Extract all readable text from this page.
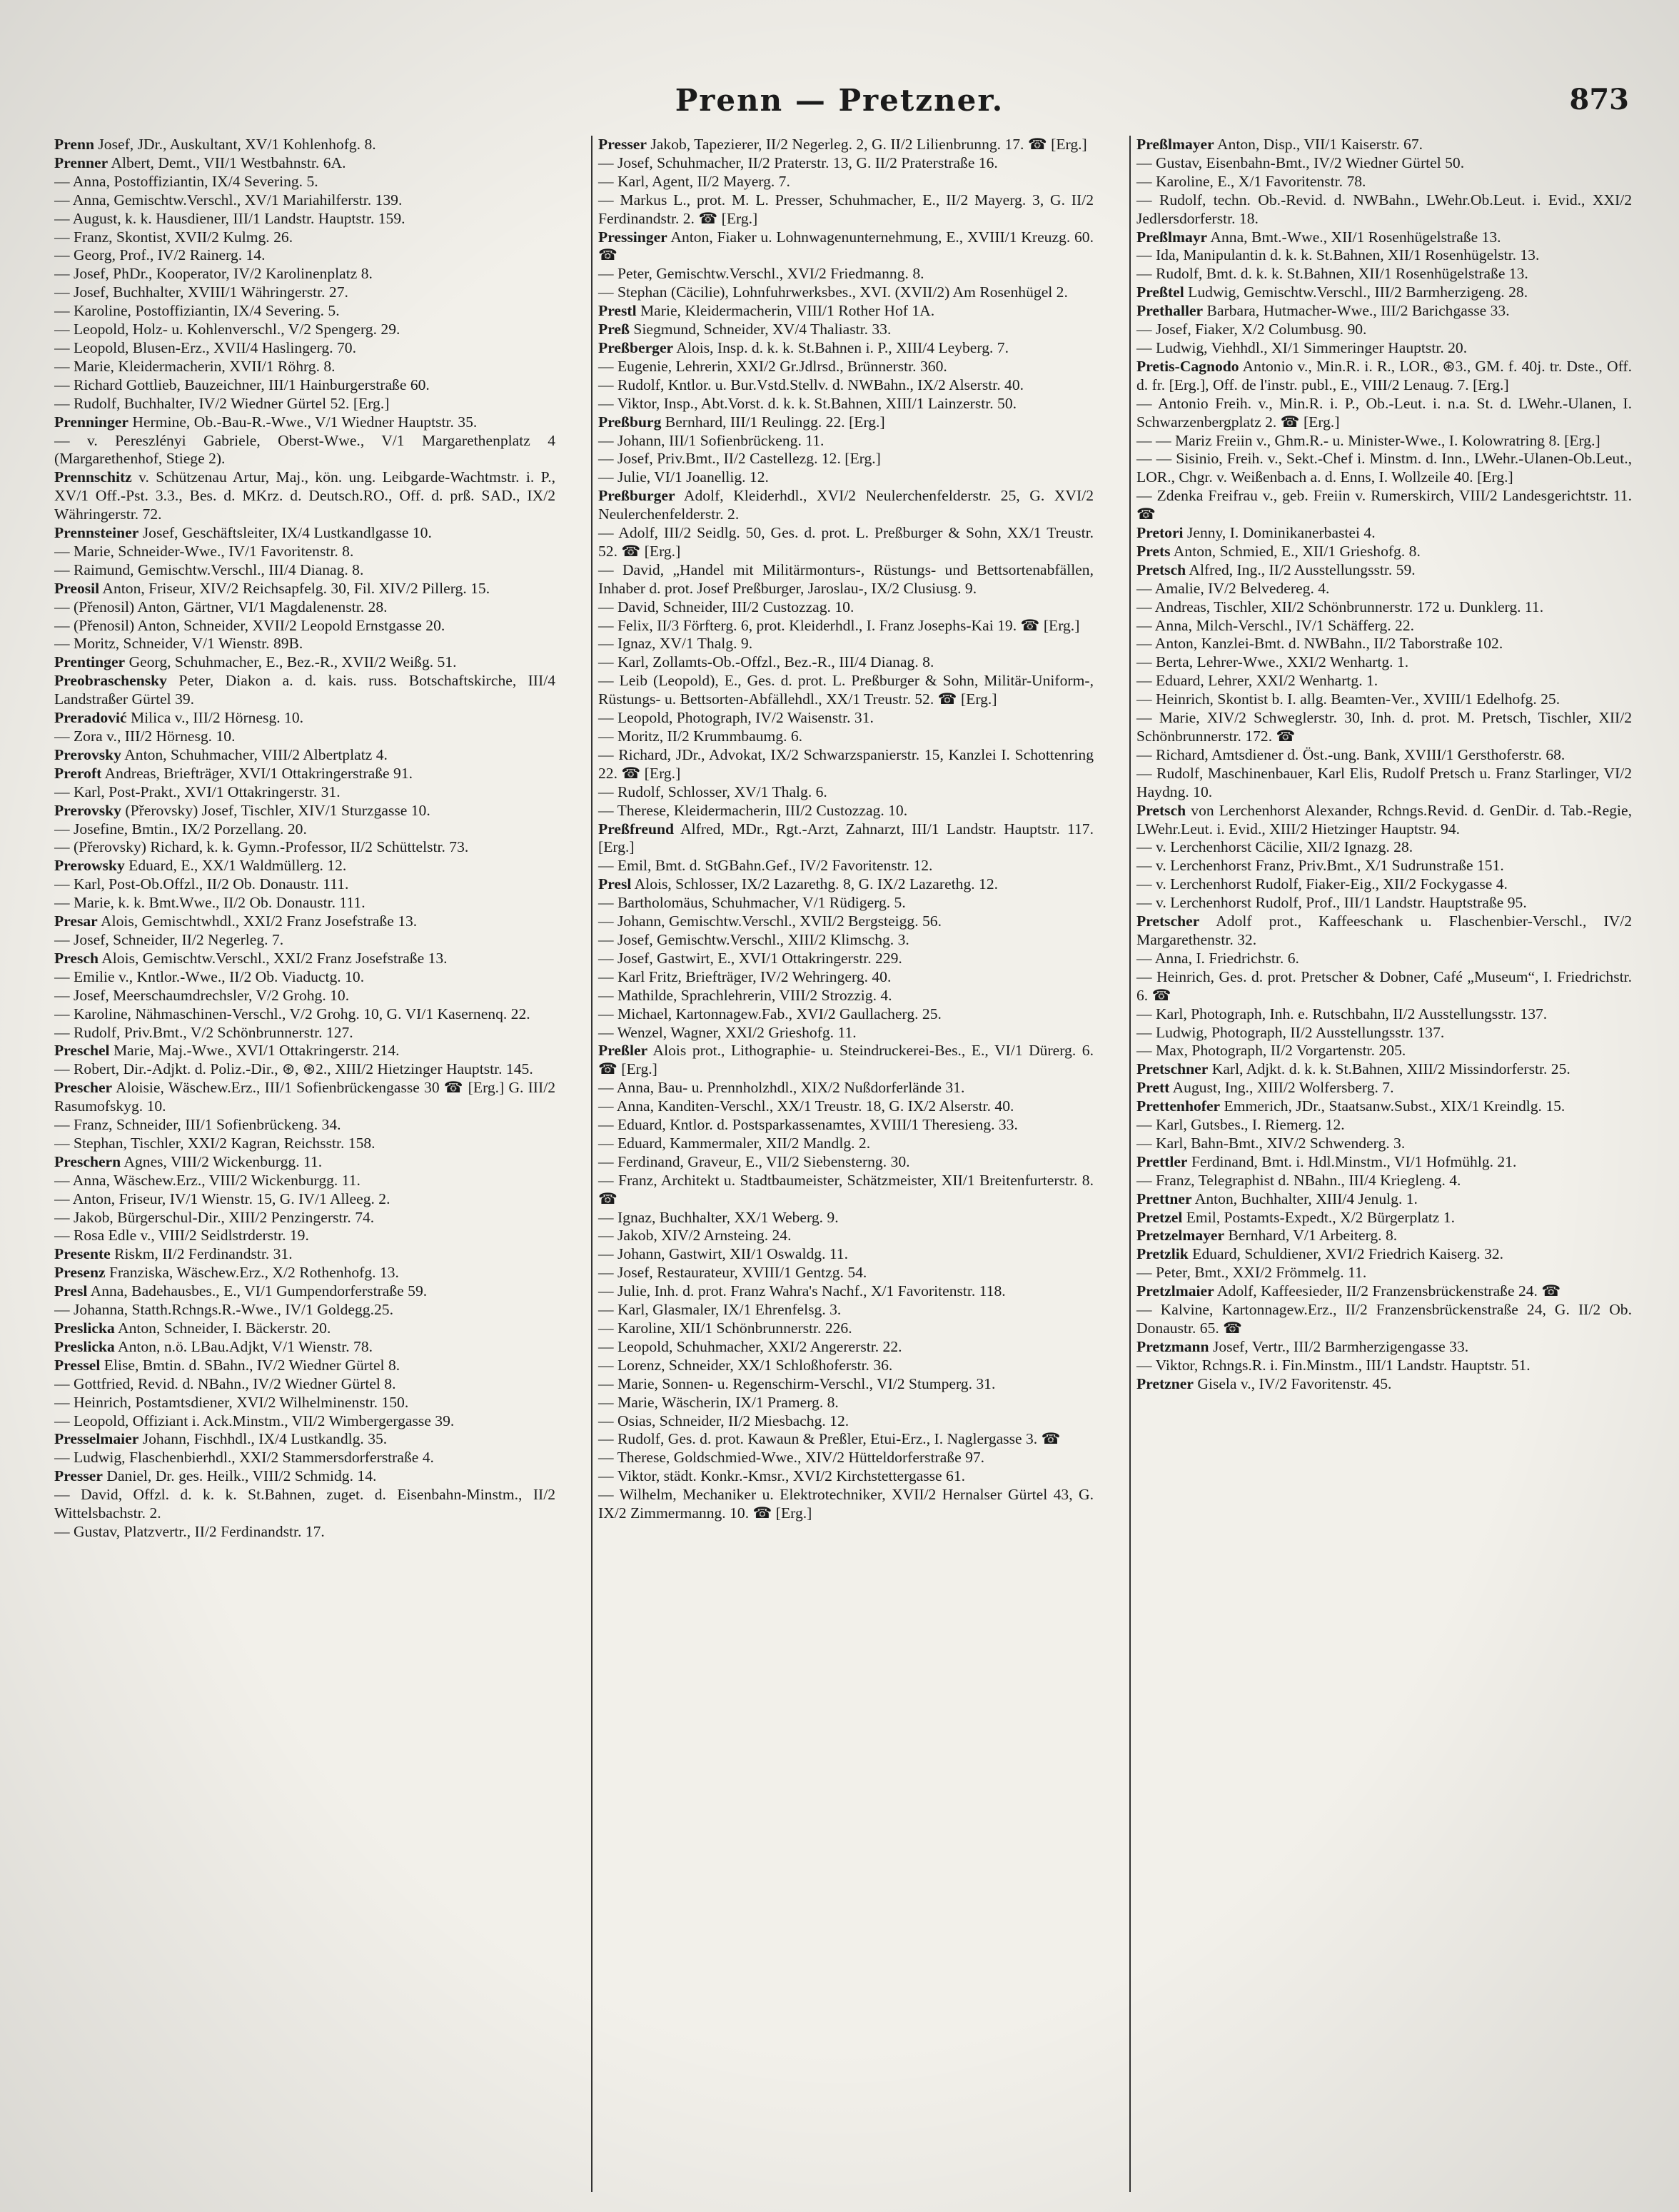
Prenn — Pretzner.	873

Prenn Josef, JDr., Auskultant, XV/1 Kohlenhofg. 8.

Prenner Albert, Demt., VII/1 Westbahnstr. 6A.

— Anna, Postoffiziantin, IX/4 Severing. 5.

— Anna, Gemischtw.Verschl., XV/1 Mariahilferstr. 139.

— August, k. k. Hausdiener, III/1 Landstr. Hauptstr. 159.

— Franz, Skontist, XVII/2 Kulmg. 26.

— Georg, Prof., IV/2 Rainerg. 14.

— Josef, PhDr., Kooperator, IV/2 Karolinenplatz 8.

— Josef, Buchhalter, XVIII/1 Währingerstr. 27.

— Karoline, Postoffiziantin, IX/4 Severing. 5.

— Leopold, Holz- u. Kohlenverschl., V/2 Spengerg. 29.

— Leopold, Blusen-Erz., XVII/4 Haslingerg. 70.

— Marie, Kleidermacherin, XVII/1 Röhrg. 8.

— Richard Gottlieb, Bauzeichner, III/1 Hainburgerstraße 60.

— Rudolf, Buchhalter, IV/2 Wiedner Gürtel 52. [Erg.]

Prenninger Hermine, Ob.-Bau-R.-Wwe., V/1 Wiedner Hauptstr. 35.

— v. Pereszlényi Gabriele, Oberst-Wwe., V/1 Margarethenplatz 4 (Margarethenhof, Stiege 2).

Prennschitz v. Schützenau Artur, Maj., kön. ung. Leibgarde-Wachtmstr. i. P., XV/1 Off.-Pst. 3.3., Bes. d. MKrz. d. Deutsch.RO., Off. d. prß. SAD., IX/2 Währingerstr. 72.

Prennsteiner Josef, Geschäftsleiter, IX/4 Lustkandlgasse 10.

— Marie, Schneider-Wwe., IV/1 Favoritenstr. 8.

— Raimund, Gemischtw.Verschl., III/4 Dianag. 8.

Preosil Anton, Friseur, XIV/2 Reichsapfelg. 30, Fil. XIV/2 Pillerg. 15.

— (Přenosil) Anton, Gärtner, VI/1 Magdalenenstr. 28.

— (Přenosil) Anton, Schneider, XVII/2 Leopold Ernstgasse 20.

— Moritz, Schneider, V/1 Wienstr. 89B.

Prentinger Georg, Schuhmacher, E., Bez.-R., XVII/2 Weißg. 51.

Preobraschensky Peter, Diakon a. d. kais. russ. Botschaftskirche, III/4 Landstraßer Gürtel 39.

Preradović Milica v., III/2 Hörnesg. 10.

— Zora v., III/2 Hörnesg. 10.

Prerovsky Anton, Schuhmacher, VIII/2 Albertplatz 4.

Preroft Andreas, Briefträger, XVI/1 Ottakringerstraße 91.

— Karl, Post-Prakt., XVI/1 Ottakringerstr. 31.

Prerovsky (Přerovsky) Josef, Tischler, XIV/1 Sturzgasse 10.

— Josefine, Bmtin., IX/2 Porzellang. 20.

— (Přerovsky) Richard, k. k. Gymn.-Professor, II/2 Schüttelstr. 73.

Prerowsky Eduard, E., XX/1 Waldmüllerg. 12.

— Karl, Post-Ob.Offzl., II/2 Ob. Donaustr. 111.

— Marie, k. k. Bmt.Wwe., II/2 Ob. Donaustr. 111.

Presar Alois, Gemischtwhdl., XXI/2 Franz Josefstraße 13.

— Josef, Schneider, II/2 Negerleg. 7.

Presch Alois, Gemischtw.Verschl., XXI/2 Franz Josefstraße 13.

— Emilie v., Kntlor.-Wwe., II/2 Ob. Viaductg. 10.

— Josef, Meerschaumdrechsler, V/2 Grohg. 10.

— Karoline, Nähmaschinen-Verschl., V/2 Grohg. 10, G. VI/1 Kasernenq. 22.

— Rudolf, Priv.Bmt., V/2 Schönbrunnerstr. 127.

Preschel Marie, Maj.-Wwe., XVI/1 Ottakringerstr. 214.

— Robert, Dir.-Adjkt. d. Poliz.-Dir., ⊛, ⊛2., XIII/2 Hietzinger Hauptstr. 145.

Prescher Aloisie, Wäschew.Erz., III/1 Sofienbrückengasse 30 ☎ [Erg.] G. III/2 Rasumofskyg. 10.

— Franz, Schneider, III/1 Sofienbrückeng. 34.

— Stephan, Tischler, XXI/2 Kagran, Reichsstr. 158.

Preschern Agnes, VIII/2 Wickenburgg. 11.

— Anna, Wäschew.Erz., VIII/2 Wickenburgg. 11.

— Anton, Friseur, IV/1 Wienstr. 15, G. IV/1 Alleeg. 2.

— Jakob, Bürgerschul-Dir., XIII/2 Penzingerstr. 74.

— Rosa Edle v., VIII/2 Seidlstrderstr. 19.

Presente Riskm, II/2 Ferdinandstr. 31.

Presenz Franziska, Wäschew.Erz., X/2 Rothenhofg. 13.

Presl Anna, Badehausbes., E., VI/1 Gumpendorferstraße 59.

— Johanna, Statth.Rchngs.R.-Wwe., IV/1 Goldegg.25.

Preslicka Anton, Schneider, I. Bäckerstr. 20.

Preslicka Anton, n.ö. LBau.Adjkt, V/1 Wienstr. 78.

Pressel Elise, Bmtin. d. SBahn., IV/2 Wiedner Gürtel 8.

— Gottfried, Revid. d. NBahn., IV/2 Wiedner Gürtel 8.

— Heinrich, Postamtsdiener, XVI/2 Wilhelminenstr. 150.

— Leopold, Offiziant i. Ack.Minstm., VII/2 Wimbergergasse 39.

Presselmaier Johann, Fischhdl., IX/4 Lustkandlg. 35.

— Ludwig, Flaschenbierhdl., XXI/2 Stammersdorferstraße 4.

Presser Daniel, Dr. ges. Heilk., VIII/2 Schmidg. 14.

— David, Offzl. d. k. k. St.Bahnen, zuget. d. Eisenbahn-Minstm., II/2 Wittelsbachstr. 2.

— Gustav, Platzvertr., II/2 Ferdinandstr. 17.

Presser Jakob, Tapezierer, II/2 Negerleg. 2, G. II/2 Lilienbrunng. 17. ☎ [Erg.]

— Josef, Schuhmacher, II/2 Praterstr. 13, G. II/2 Praterstraße 16.

— Karl, Agent, II/2 Mayerg. 7.

— Markus L., prot. M. L. Presser, Schuhmacher, E., II/2 Mayerg. 3, G. II/2 Ferdinandstr. 2. ☎ [Erg.]

Pressinger Anton, Fiaker u. Lohnwagenunternehmung, E., XVIII/1 Kreuzg. 60. ☎

— Peter, Gemischtw.Verschl., XVI/2 Friedmanng. 8.

— Stephan (Cäcilie), Lohnfuhrwerksbes., XVI. (XVII/2) Am Rosenhügel 2.

Prestl Marie, Kleidermacherin, VIII/1 Rother Hof 1A.

Preß Siegmund, Schneider, XV/4 Thaliastr. 33.

Preßberger Alois, Insp. d. k. k. St.Bahnen i. P., XIII/4 Leyberg. 7.

— Eugenie, Lehrerin, XXI/2 Gr.Jdlrsd., Brünnerstr. 360.

— Rudolf, Kntlor. u. Bur.Vstd.Stellv. d. NWBahn., IX/2 Alserstr. 40.

— Viktor, Insp., Abt.Vorst. d. k. k. St.Bahnen, XIII/1 Lainzerstr. 50.

Preßburg Bernhard, III/1 Reulingg. 22. [Erg.]

— Johann, III/1 Sofienbrückeng. 11.

— Josef, Priv.Bmt., II/2 Castellezg. 12. [Erg.]

— Julie, VI/1 Joanellig. 12.

Preßburger Adolf, Kleiderhdl., XVI/2 Neulerchenfelderstr. 25, G. XVI/2 Neulerchenfelderstr. 2.

— Adolf, III/2 Seidlg. 50, Ges. d. prot. L. Preßburger & Sohn, XX/1 Treustr. 52. ☎ [Erg.]

— David, „Handel mit Militärmonturs-, Rüstungs- und Bettsortenabfällen, Inhaber d. prot. Josef Preßburger, Jaroslau-, IX/2 Clusiusg. 9.

— David, Schneider, III/2 Custozzag. 10.

— Felix, II/3 Förfterg. 6, prot. Kleiderhdl., I. Franz Josephs-Kai 19. ☎ [Erg.]

— Ignaz, XV/1 Thalg. 9.

— Karl, Zollamts-Ob.-Offzl., Bez.-R., III/4 Dianag. 8.

— Leib (Leopold), E., Ges. d. prot. L. Preßburger & Sohn, Militär-Uniform-, Rüstungs- u. Bettsorten-Abfällehdl., XX/1 Treustr. 52. ☎ [Erg.]

— Leopold, Photograph, IV/2 Waisenstr. 31.

— Moritz, II/2 Krummbaumg. 6.

— Richard, JDr., Advokat, IX/2 Schwarzspanierstr. 15, Kanzlei I. Schottenring 22. ☎ [Erg.]

— Rudolf, Schlosser, XV/1 Thalg. 6.

— Therese, Kleidermacherin, III/2 Custozzag. 10.

Preßfreund Alfred, MDr., Rgt.-Arzt, Zahnarzt, III/1 Landstr. Hauptstr. 117. [Erg.]

— Emil, Bmt. d. StGBahn.Gef., IV/2 Favoritenstr. 12.

Presl Alois, Schlosser, IX/2 Lazarethg. 8, G. IX/2 Lazarethg. 12.

— Bartholomäus, Schuhmacher, V/1 Rüdigerg. 5.

— Johann, Gemischtw.Verschl., XVII/2 Bergsteigg. 56.

— Josef, Gemischtw.Verschl., XIII/2 Klimschg. 3.

— Josef, Gastwirt, E., XVI/1 Ottakringerstr. 229.

— Karl Fritz, Briefträger, IV/2 Wehringerg. 40.

— Mathilde, Sprachlehrerin, VIII/2 Strozzig. 4.

— Michael, Kartonnagew.Fab., XVI/2 Gaullacherg. 25.

— Wenzel, Wagner, XXI/2 Grieshofg. 11.

Preßler Alois prot., Lithographie- u. Steindruckerei-Bes., E., VI/1 Dürerg. 6. ☎ [Erg.]

— Anna, Bau- u. Prennholzhdl., XIX/2 Nußdorferlände 31.

— Anna, Kanditen-Verschl., XX/1 Treustr. 18, G. IX/2 Alserstr. 40.

— Eduard, Kntlor. d. Postsparkassenamtes, XVIII/1 Theresieng. 33.

— Eduard, Kammermaler, XII/2 Mandlg. 2.

— Ferdinand, Graveur, E., VII/2 Siebensterng. 30.

— Franz, Architekt u. Stadtbaumeister, Schätzmeister, XII/1 Breitenfurterstr. 8. ☎

— Ignaz, Buchhalter, XX/1 Weberg. 9.

— Jakob, XIV/2 Arnsteing. 24.

— Johann, Gastwirt, XII/1 Oswaldg. 11.

— Josef, Restaurateur, XVIII/1 Gentzg. 54.

— Julie, Inh. d. prot. Franz Wahra's Nachf., X/1 Favoritenstr. 118.

— Karl, Glasmaler, IX/1 Ehrenfelsg. 3.

— Karoline, XII/1 Schönbrunnerstr. 226.

— Leopold, Schuhmacher, XXI/2 Angererstr. 22.

— Lorenz, Schneider, XX/1 Schloßhoferstr. 36.

— Marie, Sonnen- u. Regenschirm-Verschl., VI/2 Stumperg. 31.

— Marie, Wäscherin, IX/1 Pramerg. 8.

— Osias, Schneider, II/2 Miesbachg. 12.

— Rudolf, Ges. d. prot. Kawaun & Preßler, Etui-Erz., I. Naglergasse 3. ☎

— Therese, Goldschmied-Wwe., XIV/2 Hütteldorferstraße 97.

— Viktor, städt. Konkr.-Kmsr., XVI/2 Kirchstettergasse 61.

— Wilhelm, Mechaniker u. Elektrotechniker, XVII/2 Hernalser Gürtel 43, G. IX/2 Zimmermanng. 10. ☎ [Erg.]

Preßlmayer Anton, Disp., VII/1 Kaiserstr. 67.

— Gustav, Eisenbahn-Bmt., IV/2 Wiedner Gürtel 50.

— Karoline, E., X/1 Favoritenstr. 78.

— Rudolf, techn. Ob.-Revid. d. NWBahn., LWehr.Ob.Leut. i. Evid., XXI/2 Jedlersdorferstr. 18.

Preßlmayr Anna, Bmt.-Wwe., XII/1 Rosenhügelstraße 13.

— Ida, Manipulantin d. k. k. St.Bahnen, XII/1 Rosenhügelstr. 13.

— Rudolf, Bmt. d. k. k. St.Bahnen, XII/1 Rosenhügelstraße 13.

Preßtel Ludwig, Gemischtw.Verschl., III/2 Barmherzigeng. 28.

Prethaller Barbara, Hutmacher-Wwe., III/2 Barichgasse 33.

— Josef, Fiaker, X/2 Columbusg. 90.

— Ludwig, Viehhdl., XI/1 Simmeringer Hauptstr. 20.

Pretis-Cagnodo Antonio v., Min.R. i. R., LOR., ⊛3., GM. f. 40j. tr. Dste., Off. d. fr. [Erg.], Off. de l'instr. publ., E., VIII/2 Lenaug. 7. [Erg.]

— Antonio Freih. v., Min.R. i. P., Ob.-Leut. i. n.a. St. d. LWehr.-Ulanen, I. Schwarzenbergplatz 2. ☎ [Erg.]

— — Mariz Freiin v., Ghm.R.- u. Minister-Wwe., I. Kolowratring 8. [Erg.]

— — Sisinio, Freih. v., Sekt.-Chef i. Minstm. d. Inn., LWehr.-Ulanen-Ob.Leut., LOR., Chgr. v. Weißenbach a. d. Enns, I. Wollzeile 40. [Erg.]

— Zdenka Freifrau v., geb. Freiin v. Rumerskirch, VIII/2 Landesgerichtstr. 11. ☎

Pretori Jenny, I. Dominikanerbastei 4.

Prets Anton, Schmied, E., XII/1 Grieshofg. 8.

Pretsch Alfred, Ing., II/2 Ausstellungsstr. 59.

— Amalie, IV/2 Belvedereg. 4.

— Andreas, Tischler, XII/2 Schönbrunnerstr. 172 u. Dunklerg. 11.

— Anna, Milch-Verschl., IV/1 Schäfferg. 22.

— Anton, Kanzlei-Bmt. d. NWBahn., II/2 Taborstraße 102.

— Berta, Lehrer-Wwe., XXI/2 Wenhartg. 1.

— Eduard, Lehrer, XXI/2 Wenhartg. 1.

— Heinrich, Skontist b. I. allg. Beamten-Ver., XVIII/1 Edelhofg. 25.

— Marie, XIV/2 Schweglerstr. 30, Inh. d. prot. M. Pretsch, Tischler, XII/2 Schönbrunnerstr. 172. ☎

— Richard, Amtsdiener d. Öst.-ung. Bank, XVIII/1 Gersthoferstr. 68.

— Rudolf, Maschinenbauer, Karl Elis, Rudolf Pretsch u. Franz Starlinger, VI/2 Haydng. 10.

Pretsch von Lerchenhorst Alexander, Rchngs.Revid. d. GenDir. d. Tab.-Regie, LWehr.Leut. i. Evid., XIII/2 Hietzinger Hauptstr. 94.

— v. Lerchenhorst Cäcilie, XII/2 Ignazg. 28.

— v. Lerchenhorst Franz, Priv.Bmt., X/1 Sudrunstraße 151.

— v. Lerchenhorst Rudolf, Fiaker-Eig., XII/2 Fockygasse 4.

— v. Lerchenhorst Rudolf, Prof., III/1 Landstr. Hauptstraße 95.

Pretscher Adolf prot., Kaffeeschank u. Flaschenbier-Verschl., IV/2 Margarethenstr. 32.

— Anna, I. Friedrichstr. 6.

— Heinrich, Ges. d. prot. Pretscher & Dobner, Café „Museum“, I. Friedrichstr. 6. ☎

— Karl, Photograph, Inh. e. Rutschbahn, II/2 Ausstellungsstr. 137.

— Ludwig, Photograph, II/2 Ausstellungsstr. 137.

— Max, Photograph, II/2 Vorgartenstr. 205.

Pretschner Karl, Adjkt. d. k. k. St.Bahnen, XIII/2 Missindorferstr. 25.

Prett August, Ing., XIII/2 Wolfersberg. 7.

Prettenhofer Emmerich, JDr., Staatsanw.Subst., XIX/1 Kreindlg. 15.

— Karl, Gutsbes., I. Riemerg. 12.

— Karl, Bahn-Bmt., XIV/2 Schwenderg. 3.

Prettler Ferdinand, Bmt. i. Hdl.Minstm., VI/1 Hofmühlg. 21.

— Franz, Telegraphist d. NBahn., III/4 Kriegleng. 4.

Prettner Anton, Buchhalter, XIII/4 Jenulg. 1.

Pretzel Emil, Postamts-Expedt., X/2 Bürgerplatz 1.

Pretzelmayer Bernhard, V/1 Arbeiterg. 8.

Pretzlik Eduard, Schuldiener, XVI/2 Friedrich Kaiserg. 32.

— Peter, Bmt., XXI/2 Frömmelg. 11.

Pretzlmaier Adolf, Kaffeesieder, II/2 Franzensbrückenstraße 24. ☎

— Kalvine, Kartonnagew.Erz., II/2 Franzensbrückenstraße 24, G. II/2 Ob. Donaustr. 65. ☎

Pretzmann Josef, Vertr., III/2 Barmherzigengasse 33.

— Viktor, Rchngs.R. i. Fin.Minstm., III/1 Landstr. Hauptstr. 51.

Pretzner Gisela v., IV/2 Favoritenstr. 45.
